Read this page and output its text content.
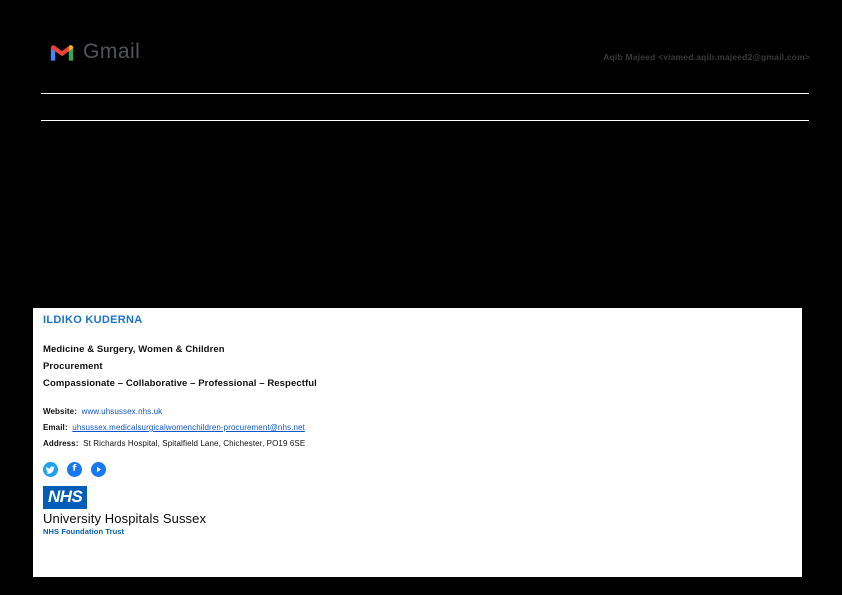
Gmail	Aqib Majeed <viamed.aqib.majeed2@gmail.com>
ILDIKO KUDERNA
Medicine & Surgery, Women & Children
Procurement
Compassionate – Collaborative – Professional – Respectful
Website: www.uhsussex.nhs.uk
Email: uhsussex.medicalsurgicalwomenchildren-procurement@nhs.net
Address: St Richards Hospital, Spitalfield Lane, Chichester, PO19 6SE
f
NHS
University Hospitals Sussex
NHS Foundation Trust
